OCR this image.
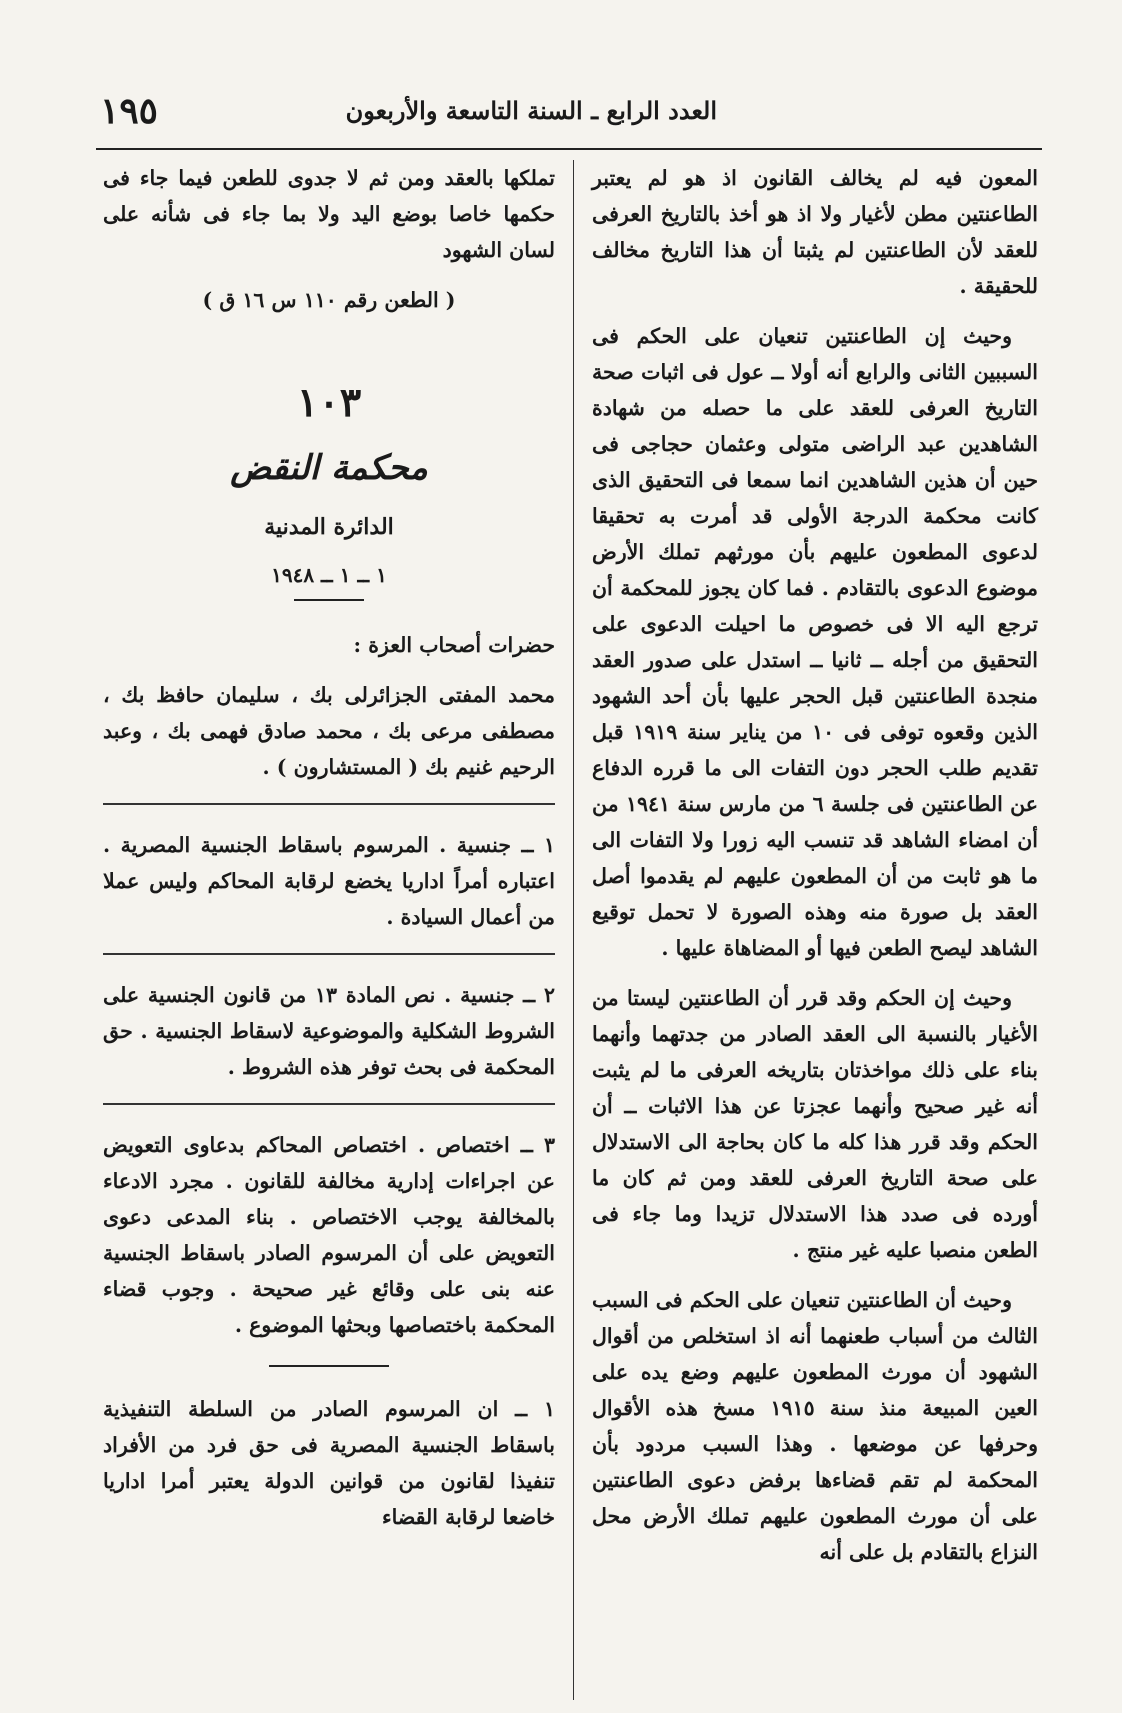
العدد الرابع ـ السنة التاسعة والأربعون
١٩٥

المعون فيه لم يخالف القانون اذ هو لم يعتبر الطاعنتين مطن لأغيار ولا اذ هو أخذ بالتاريخ العرفى للعقد لأن الطاعنتين لم يثبتا أن هذا التاريخ مخالف للحقيقة .

وحيث إن الطاعنتين تنعيان على الحكم فى السببين الثانى والرابع أنه أولا ــ عول فى اثبات صحة التاريخ العرفى للعقد على ما حصله من شهادة الشاهدين عبد الراضى متولى وعثمان حجاجى فى حين أن هذين الشاهدين انما سمعا فى التحقيق الذى كانت محكمة الدرجة الأولى قد أمرت به تحقيقا لدعوى المطعون عليهم بأن مورثهم تملك الأرض موضوع الدعوى بالتقادم . فما كان يجوز للمحكمة أن ترجع اليه الا فى خصوص ما احيلت الدعوى على التحقيق من أجله ــ ثانيا ــ استدل على صدور العقد منجدة الطاعنتين قبل الحجر عليها بأن أحد الشهود الذين وقعوه توفى فى ١٠ من يناير سنة ١٩١٩ قبل تقديم طلب الحجر دون التفات الى ما قرره الدفاع عن الطاعنتين فى جلسة ٦ من مارس سنة ١٩٤١ من أن امضاء الشاهد قد تنسب اليه زورا ولا التفات الى ما هو ثابت من أن المطعون عليهم لم يقدموا أصل العقد بل صورة منه وهذه الصورة لا تحمل توقيع الشاهد ليصح الطعن فيها أو المضاهاة عليها .

وحيث إن الحكم وقد قرر أن الطاعنتين ليستا من الأغيار بالنسبة الى العقد الصادر من جدتهما وأنهما بناء على ذلك مواخذتان بتاريخه العرفى ما لم يثبت أنه غير صحيح وأنهما عجزتا عن هذا الاثبات ــ أن الحكم وقد قرر هذا كله ما كان بحاجة الى الاستدلال على صحة التاريخ العرفى للعقد ومن ثم كان ما أورده فى صدد هذا الاستدلال تزيدا وما جاء فى الطعن منصبا عليه غير منتج .

وحيث أن الطاعنتين تنعيان على الحكم فى السبب الثالث من أسباب طعنهما أنه اذ استخلص من أقوال الشهود أن مورث المطعون عليهم وضع يده على العين المبيعة منذ سنة ١٩١٥ مسخ هذه الأقوال وحرفها عن موضعها . وهذا السبب مردود بأن المحكمة لم تقم قضاءها برفض دعوى الطاعنتين على أن مورث المطعون عليهم تملك الأرض محل النزاع بالتقادم بل على أنه

تملكها بالعقد ومن ثم لا جدوى للطعن فيما جاء فى حكمها خاصا بوضع اليد ولا بما جاء فى شأنه على لسان الشهود

( الطعن رقم ١١٠ س ١٦ ق )

١٠٣

محكمة النقض

الدائرة المدنية

١ ــ ١ ــ ١٩٤٨

حضرات أصحاب العزة :

محمد المفتى الجزائرلى بك ، سليمان حافظ بك ، مصطفى مرعى بك ، محمد صادق فهمى بك ، وعبد الرحيم غنيم بك ( المستشارون ) .

١ ــ جنسية . المرسوم باسقاط الجنسية المصرية . اعتباره أمراً اداريا يخضع لرقابة المحاكم وليس عملا من أعمال السيادة .

٢ ــ جنسية . نص المادة ١٣ من قانون الجنسية على الشروط الشكلية والموضوعية لاسقاط الجنسية . حق المحكمة فى بحث توفر هذه الشروط .

٣ ــ اختصاص . اختصاص المحاكم بدعاوى التعويض عن اجراءات إدارية مخالفة للقانون . مجرد الادعاء بالمخالفة يوجب الاختصاص . بناء المدعى دعوى التعويض على أن المرسوم الصادر باسقاط الجنسية عنه بنى على وقائع غير صحيحة . وجوب قضاء المحكمة باختصاصها وبحثها الموضوع .

١ ــ ان المرسوم الصادر من السلطة التنفيذية باسقاط الجنسية المصرية فى حق فرد من الأفراد تنفيذا لقانون من قوانين الدولة يعتبر أمرا اداريا خاضعا لرقابة القضاء
